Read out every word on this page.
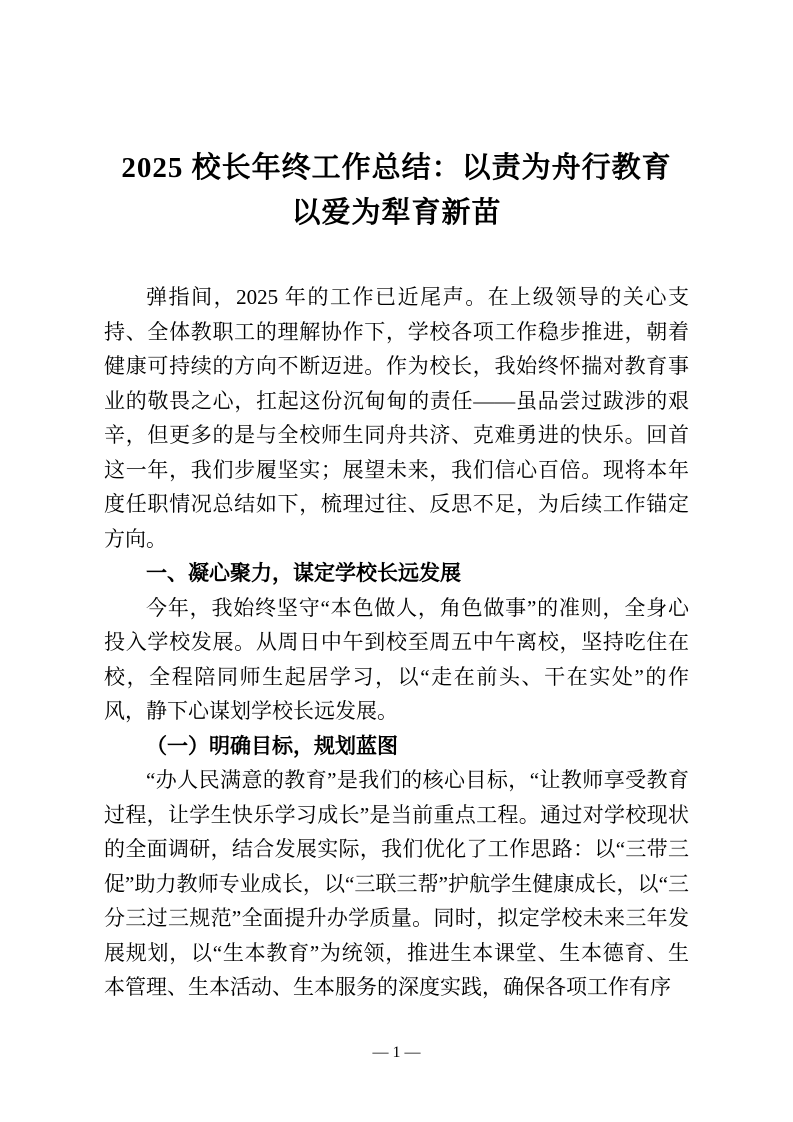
2025 校长年终工作总结：以责为舟行教育
以爱为犁育新苗

弹指间，2025 年的工作已近尾声。在上级领导的关心支持、全体教职工的理解协作下，学校各项工作稳步推进，朝着健康可持续的方向不断迈进。作为校长，我始终怀揣对教育事业的敬畏之心，扛起这份沉甸甸的责任——虽品尝过跋涉的艰辛，但更多的是与全校师生同舟共济、克难勇进的快乐。回首这一年，我们步履坚实；展望未来，我们信心百倍。现将本年度任职情况总结如下，梳理过往、反思不足，为后续工作锚定方向。

一、凝心聚力，谋定学校长远发展

今年，我始终坚守“本色做人，角色做事”的准则，全身心投入学校发展。从周日中午到校至周五中午离校，坚持吃住在校，全程陪同师生起居学习，以“走在前头、干在实处”的作风，静下心谋划学校长远发展。

（一）明确目标，规划蓝图

“办人民满意的教育”是我们的核心目标，“让教师享受教育过程，让学生快乐学习成长”是当前重点工程。通过对学校现状的全面调研，结合发展实际，我们优化了工作思路：以“三带三促”助力教师专业成长，以“三联三帮”护航学生健康成长，以“三分三过三规范”全面提升办学质量。同时，拟定学校未来三年发展规划，以“生本教育”为统领，推进生本课堂、生本德育、生本管理、生本活动、生本服务的深度实践，确保各项工作有序

— 1 —
